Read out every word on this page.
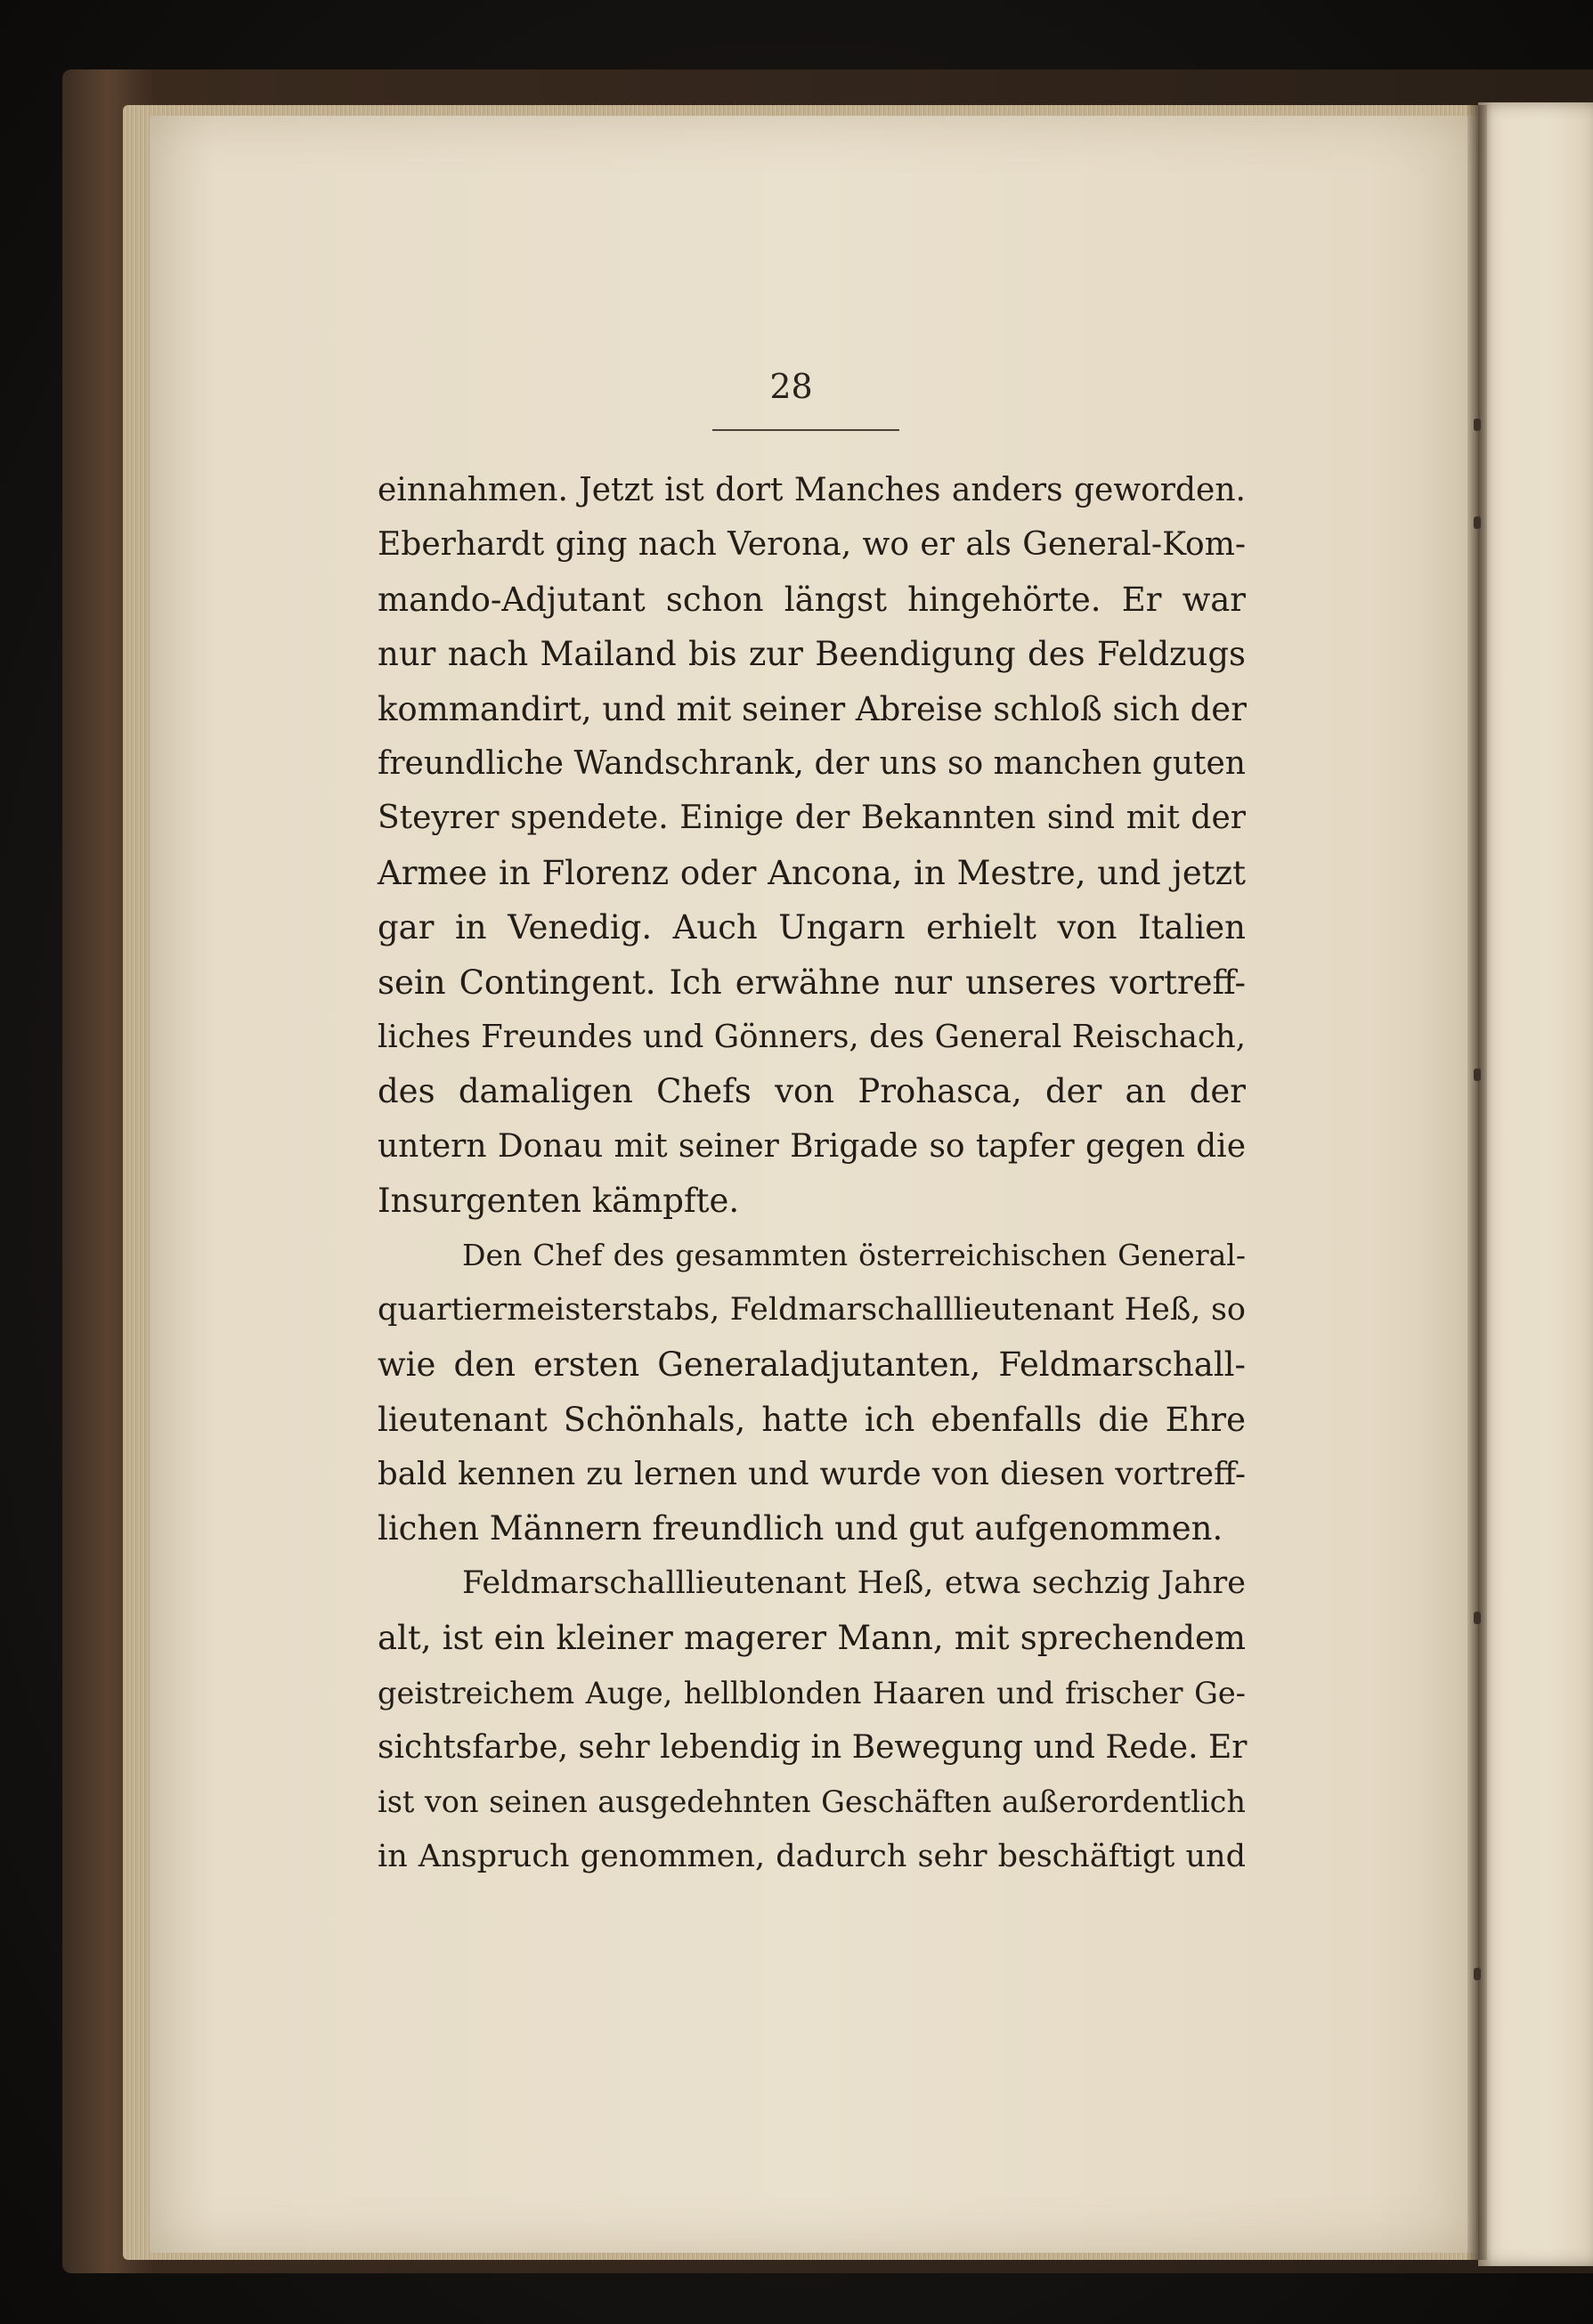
28
einnahmen. Jetzt ist dort Manches anders geworden.
Eberhardt ging nach Verona, wo er als General-Kom-
mando-Adjutant schon längst hingehörte. Er war
nur nach Mailand bis zur Beendigung des Feldzugs
kommandirt, und mit seiner Abreise schloß sich der
freundliche Wandschrank, der uns so manchen guten
Steyrer spendete. Einige der Bekannten sind mit der
Armee in Florenz oder Ancona, in Mestre, und jetzt
gar in Venedig. Auch Ungarn erhielt von Italien
sein Contingent. Ich erwähne nur unseres vortreff-
liches Freundes und Gönners, des General Reischach,
des damaligen Chefs von Prohasca, der an der
untern Donau mit seiner Brigade so tapfer gegen die
Insurgenten kämpfte.
Den Chef des gesammten österreichischen General-
quartiermeisterstabs, Feldmarschalllieutenant Heß, so
wie den ersten Generaladjutanten, Feldmarschall-
lieutenant Schönhals, hatte ich ebenfalls die Ehre
bald kennen zu lernen und wurde von diesen vortreff-
lichen Männern freundlich und gut aufgenommen.
Feldmarschalllieutenant Heß, etwa sechzig Jahre
alt, ist ein kleiner magerer Mann, mit sprechendem
geistreichem Auge, hellblonden Haaren und frischer Ge-
sichtsfarbe, sehr lebendig in Bewegung und Rede. Er
ist von seinen ausgedehnten Geschäften außerordentlich
in Anspruch genommen, dadurch sehr beschäftigt und
